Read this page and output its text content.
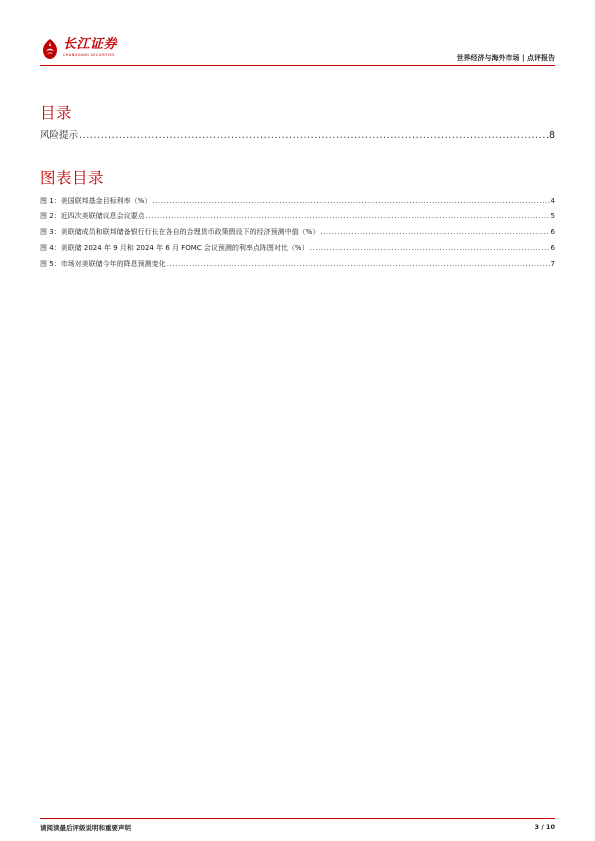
长江证券
CHANGJIANG SECURITIES	世界经济与海外市场 | 点评报告
目录
风险提示 .....	8
图表目录
图 1：美国联邦基金目标利率（%） .....	4
图 2：近四次美联储议息会议要点 .....	5
图 3：美联储成员和联邦储备银行行长在各自的合理货币政策假设下的经济预测中值（%） .....	6
图 4：美联储 2024 年 9 月和 2024 年 6 月 FOMC 会议预测的利率点阵图对比（%） .....	6
图 5：市场对美联储今年的降息预测变化 .....	7
请阅读最后评级说明和重要声明	3 / 10
